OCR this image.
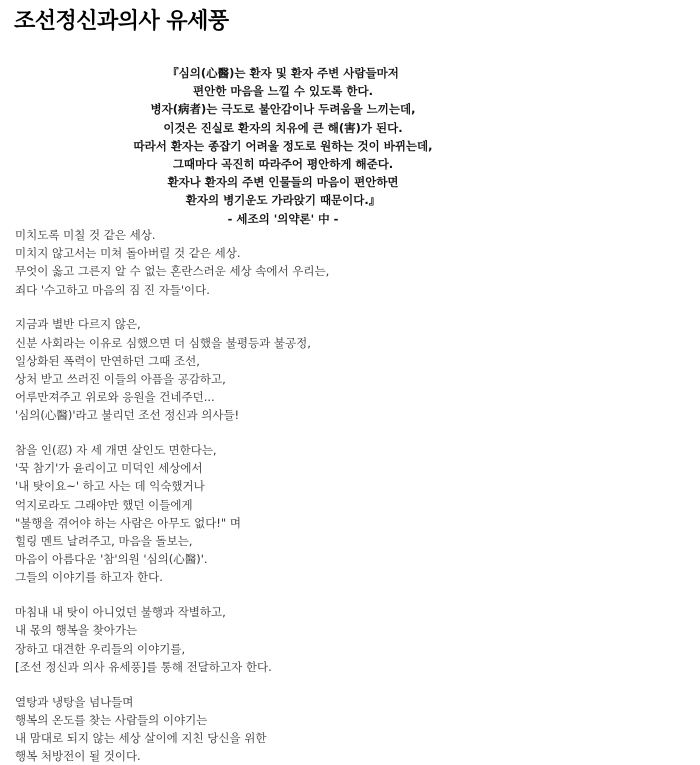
조선정신과의사 유세풍
『심의(心醫)는 환자 및 환자 주변 사람들마저
편안한 마음을 느낄 수 있도록 한다.
병자(病者)는 극도로 불안감이나 두려움을 느끼는데,
이것은 진실로 환자의 치유에 큰 해(害)가 된다.
따라서 환자는 종잡기 어려울 정도로 원하는 것이 바뀌는데,
그때마다 곡진히 따라주어 평안하게 해준다.
환자나 환자의 주변 인물들의 마음이 편안하면
환자의 병기운도 가라앉기 때문이다.』
- 세조의 '의약론' 中 -
미치도록 미칠 것 같은 세상.
미치지 않고서는 미쳐 돌아버릴 것 같은 세상.
무엇이 옳고 그른지 알 수 없는 혼란스러운 세상 속에서 우리는,
죄다 '수고하고 마음의 짐 진 자들'이다.
지금과 별반 다르지 않은,
신분 사회라는 이유로 심했으면 더 심했을 불평등과 불공정,
일상화된 폭력이 만연하던 그때 조선,
상처 받고 쓰러진 이들의 아픔을 공감하고,
어루만져주고 위로와 응원을 건네주던...
'심의(心醫)'라고 불리던 조선 정신과 의사들!
참을 인(忍) 자 세 개면 살인도 면한다는,
'꾹 참기'가 윤리이고 미덕인 세상에서
'내 탓이요~' 하고 사는 데 익숙했거나
억지로라도 그래야만 했던 이들에게
"불행을 겪어야 하는 사람은 아무도 없다!" 며
힐링 멘트 날려주고, 마음을 돌보는,
마음이 아름다운 '참'의원 '심의(心醫)'.
그들의 이야기를 하고자 한다.
마침내 내 탓이 아니었던 불행과 작별하고,
내 몫의 행복을 찾아가는
장하고 대견한 우리들의 이야기를,
[조선 정신과 의사 유세풍]를 통해 전달하고자 한다.
열탕과 냉탕을 넘나들며
행복의 온도를 찾는 사람들의 이야기는
내 맘대로 되지 않는 세상 살이에 지친 당신을 위한
행복 처방전이 될 것이다.
